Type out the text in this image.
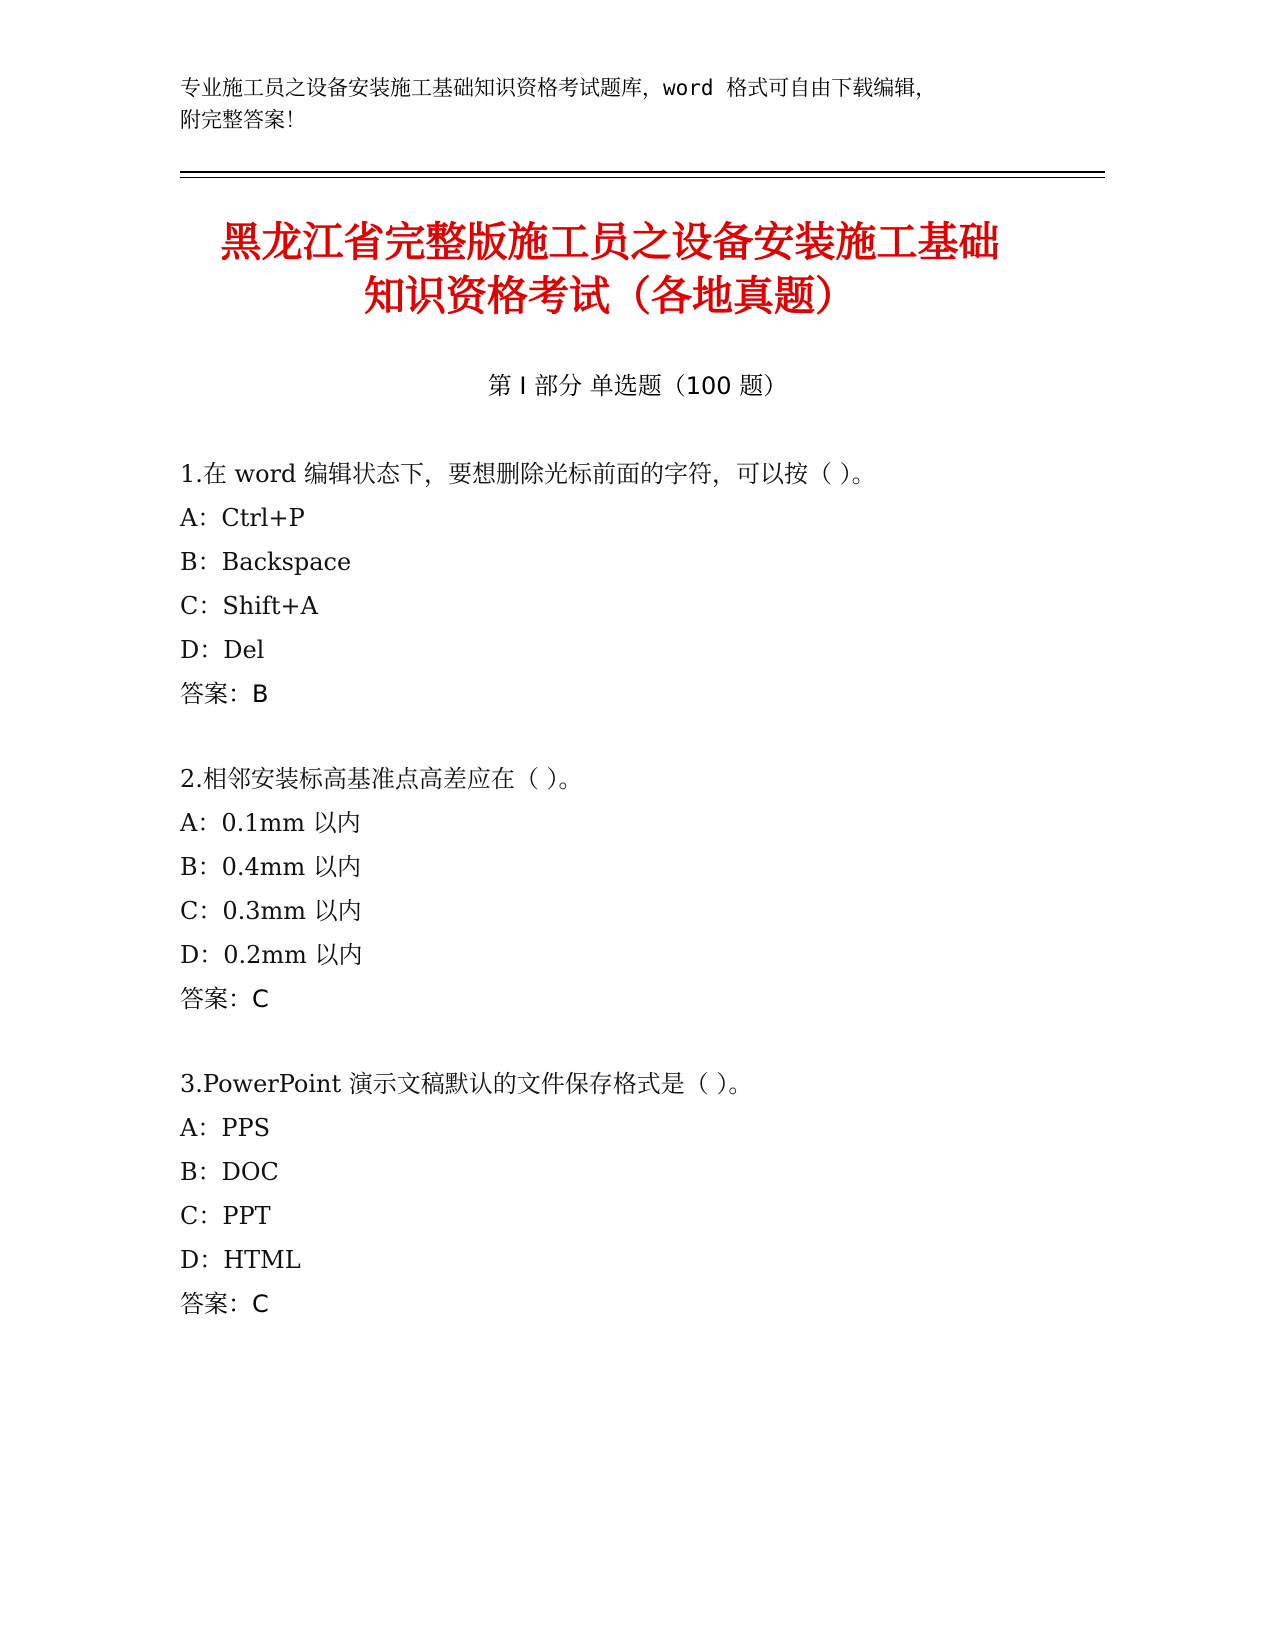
专业施工员之设备安装施工基础知识资格考试题库，word 格式可自由下载编辑，
附完整答案！
黑龙江省完整版施工员之设备安装施工基础
知识资格考试（各地真题）
第 I 部分 单选题（100 题）
1.在 word 编辑状态下，要想删除光标前面的字符，可以按（ ）。
A：Ctrl+P
B：Backspace
C：Shift+A
D：Del
答案：B
2.相邻安装标高基准点高差应在（ ）。
A：0.1mm 以内
B：0.4mm 以内
C：0.3mm 以内
D：0.2mm 以内
答案：C
3.PowerPoint 演示文稿默认的文件保存格式是（ ）。
A：PPS
B：DOC
C：PPT
D：HTML
答案：C
